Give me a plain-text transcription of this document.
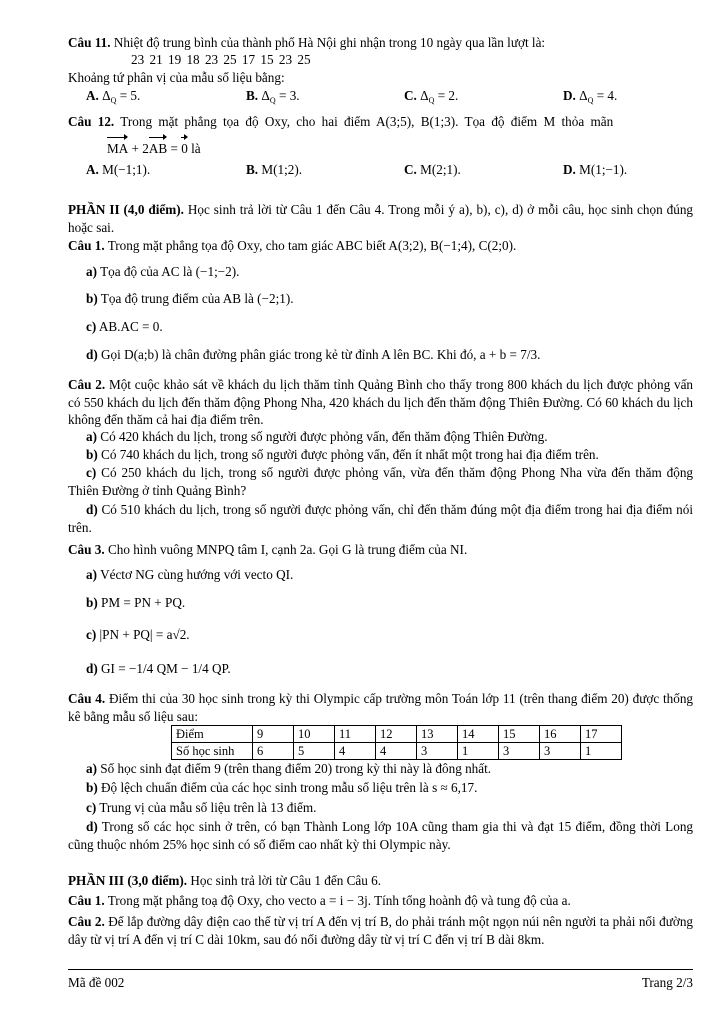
Câu 11. Nhiệt độ trung bình của thành phố Hà Nội ghi nhận trong 10 ngày qua lần lượt là:
23 21 19 18 23 25 17 15 23 25
Khoảng tứ phân vị của mẫu số liệu bằng:
A. $\Delta_Q = 5$.	B. $\Delta_Q = 3$.	C. $\Delta_Q = 2$.	D. $\Delta_Q = 4$.
Câu 12. Trong mặt phẳng tọa độ Oxy, cho hai điểm A(3;5), B(1;3). Tọa độ điểm M thỏa mãn
MA + 2AB = 0 là
A. M(−1;1).	B. M(1;2).	C. M(2;1).	D. M(1;−1).
PHẦN II (4,0 điểm). Học sinh trả lời từ Câu 1 đến Câu 4. Trong mỗi ý a), b), c), d) ở mỗi câu, học sinh chọn đúng hoặc sai.
Câu 1. Trong mặt phẳng tọa độ Oxy, cho tam giác ABC biết A(3;2), B(−1;4), C(2;0).
a) Tọa độ của AC là (−1;−2).
b) Tọa độ trung điểm của AB là (−2;1).
c) AB.AC = 0.
d) Gọi D(a;b) là chân đường phân giác trong kẻ từ đỉnh A lên BC. Khi đó, a + b = 7/3.
Câu 2. Một cuộc khảo sát về khách du lịch thăm tỉnh Quảng Bình cho thấy trong 800 khách du lịch được phỏng vấn có 550 khách du lịch đến thăm động Phong Nha, 420 khách du lịch đến thăm động Thiên Đường. Có 60 khách du lịch không đến thăm cả hai địa điểm trên.
a) Có 420 khách du lịch, trong số người được phỏng vấn, đến thăm động Thiên Đường.
b) Có 740 khách du lịch, trong số người được phỏng vấn, đến ít nhất một trong hai địa điểm trên.
c) Có 250 khách du lịch, trong số người được phỏng vấn, vừa đến thăm động Phong Nha vừa đến thăm động Thiên Đường ở tỉnh Quảng Bình?
d) Có 510 khách du lịch, trong số người được phỏng vấn, chỉ đến thăm đúng một địa điểm trong hai địa điểm nói trên.
Câu 3. Cho hình vuông MNPQ tâm I, cạnh 2a. Gọi G là trung điểm của NI.
a) Véctơ NG cùng hướng với vecto QI.
b) PM = PN + PQ.
c) |PN + PQ| = a√2.
d) GI = −1/4 QM − 1/4 QP.
Câu 4. Điểm thi của 30 học sinh trong kỳ thi Olympic cấp trường môn Toán lớp 11 (trên thang điểm 20) được thống kê bằng mẫu số liệu sau:
Điểm	9	10	11	12	13	14	15	16	17
Số học sinh	6	5	4	4	3	1	3	3	1
a) Số học sinh đạt điểm 9 (trên thang điểm 20) trong kỳ thi này là đông nhất.
b) Độ lệch chuẩn điểm của các học sinh trong mẫu số liệu trên là s ≈ 6,17.
c) Trung vị của mẫu số liệu trên là 13 điểm.
d) Trong số các học sinh ở trên, có bạn Thành Long lớp 10A cũng tham gia thi và đạt 15 điểm, đồng thời Long cũng thuộc nhóm 25% học sinh có số điểm cao nhất kỳ thi Olympic này.
PHẦN III (3,0 điểm). Học sinh trả lời từ Câu 1 đến Câu 6.
Câu 1. Trong mặt phẳng toạ độ Oxy, cho vecto a = i − 3j. Tính tổng hoành độ và tung độ của a.
Câu 2. Để lắp đường dây điện cao thế từ vị trí A đến vị trí B, do phải tránh một ngọn núi nên người ta phải nối đường dây từ vị trí A đến vị trí C dài 10km, sau đó nối đường dây từ vị trí C đến vị trí B dài 8km.
Mã đề 002	Trang 2/3
